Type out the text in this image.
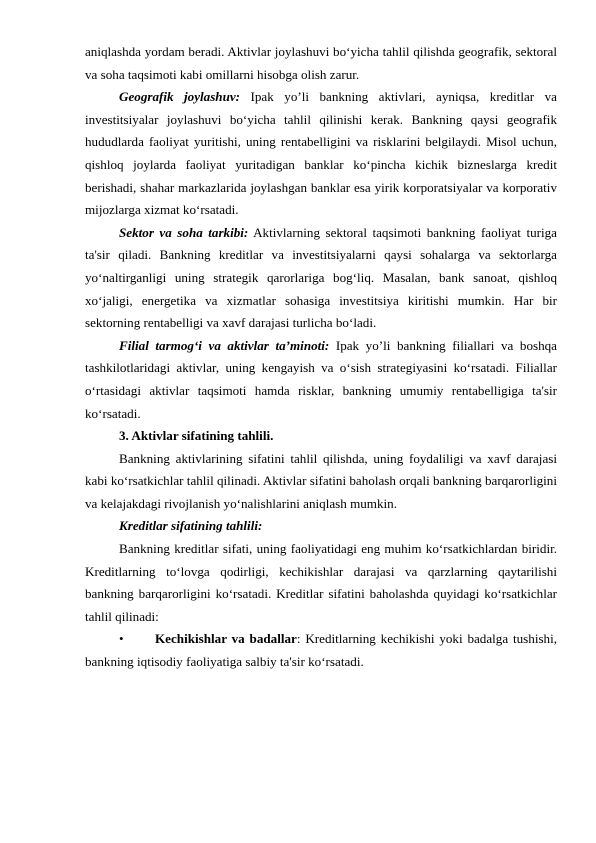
aniqlashda yordam beradi. Aktivlar joylashuvi bo‘yicha tahlil qilishda geografik, sektoral va soha taqsimoti kabi omillarni hisobga olish zarur.

Geografik joylashuv: Ipak yo’li bankning aktivlari, ayniqsa, kreditlar va investitsiyalar joylashuvi bo‘yicha tahlil qilinishi kerak. Bankning qaysi geografik hududlarda faoliyat yuritishi, uning rentabelligini va risklarini belgilaydi. Misol uchun, qishloq joylarda faoliyat yuritadigan banklar ko‘pincha kichik bizneslarga kredit berishadi, shahar markazlarida joylashgan banklar esa yirik korporatsiyalar va korporativ mijozlarga xizmat ko‘rsatadi.

Sektor va soha tarkibi: Aktivlarning sektoral taqsimoti bankning faoliyat turiga ta'sir qiladi. Bankning kreditlar va investitsiyalarni qaysi sohalarga va sektorlarga yo‘naltirganligi uning strategik qarorlariga bog‘liq. Masalan, bank sanoat, qishloq xo‘jaligi, energetika va xizmatlar sohasiga investitsiya kiritishi mumkin. Har bir sektorning rentabelligi va xavf darajasi turlicha bo‘ladi.

Filial tarmog‘i va aktivlar ta’minoti: Ipak yo’li bankning filiallari va boshqa tashkilotlaridagi aktivlar, uning kengayish va o‘sish strategiyasini ko‘rsatadi. Filiallar o‘rtasidagi aktivlar taqsimoti hamda risklar, bankning umumiy rentabelligiga ta'sir ko‘rsatadi.

3. Aktivlar sifatining tahlili.

Bankning aktivlarining sifatini tahlil qilishda, uning foydaliligi va xavf darajasi kabi ko‘rsatkichlar tahlil qilinadi. Aktivlar sifatini baholash orqali bankning barqarorligini va kelajakdagi rivojlanish yo‘nalishlarini aniqlash mumkin.

Kreditlar sifatining tahlili:

Bankning kreditlar sifati, uning faoliyatidagi eng muhim ko‘rsatkichlardan biridir. Kreditlarning to‘lovga qodirligi, kechikishlar darajasi va qarzlarning qaytarilishi bankning barqarorligini ko‘rsatadi. Kreditlar sifatini baholashda quyidagi ko‘rsatkichlar tahlil qilinadi:

• Kechikishlar va badallar: Kreditlarning kechikishi yoki badalga tushishi, bankning iqtisodiy faoliyatiga salbiy ta'sir ko‘rsatadi.
